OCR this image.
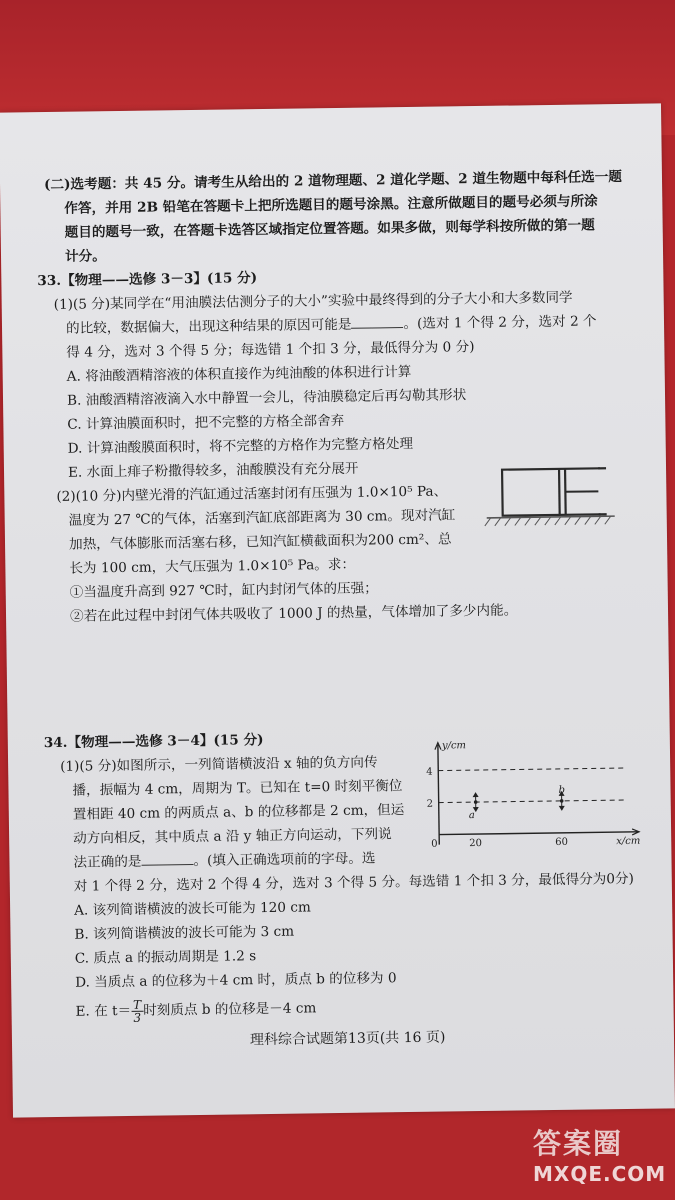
(二)选考题：共 45 分。请考生从给出的 2 道物理题、2 道化学题、2 道生物题中每科任选一题
作答，并用 2B 铅笔在答题卡上把所选题目的题号涂黑。注意所做题目的题号必须与所涂
题目的题号一致，在答题卡选答区域指定位置答题。如果多做，则每学科按所做的第一题
计分。
33.【物理——选修 3－3】(15 分)
(1)(5 分)某同学在“用油膜法估测分子的大小”实验中最终得到的分子大小和大多数同学
的比较，数据偏大，出现这种结果的原因可能是	。(选对 1 个得 2 分，选对 2 个
得 4 分，选对 3 个得 5 分；每选错 1 个扣 3 分，最低得分为 0 分)
A. 将油酸酒精溶液的体积直接作为纯油酸的体积进行计算
B. 油酸酒精溶液滴入水中静置一会儿，待油膜稳定后再勾勒其形状
C. 计算油膜面积时，把不完整的方格全部舍弃
D. 计算油酸膜面积时，将不完整的方格作为完整方格处理
E. 水面上痱子粉撒得较多，油酸膜没有充分展开
(2)(10 分)内壁光滑的汽缸通过活塞封闭有压强为 1.0×10⁵ Pa、
温度为 27 ℃的气体，活塞到汽缸底部距离为 30 cm。现对汽缸
加热，气体膨胀而活塞右移，已知汽缸横截面积为200 cm²、总
长为 100 cm，大气压强为 1.0×10⁵ Pa。求：
①当温度升高到 927 ℃时，缸内封闭气体的压强；
②若在此过程中封闭气体共吸收了 1000 J 的热量，气体增加了多少内能。
34.【物理——选修 3－4】(15 分)
(1)(5 分)如图所示，一列简谐横波沿 x 轴的负方向传
播，振幅为 4 cm，周期为 T。已知在 t=0 时刻平衡位
置相距 40 cm 的两质点 a、b 的位移都是 2 cm，但运
动方向相反，其中质点 a 沿 y 轴正方向运动，下列说
法正确的是	。(填入正确选项前的字母。选
对 1 个得 2 分，选对 2 个得 4 分，选对 3 个得 5 分。每选错 1 个扣 3 分，最低得分为0分)
A. 该列简谐横波的波长可能为 120 cm
B. 该列简谐横波的波长可能为 3 cm
C. 质点 a 的振动周期是 1.2 s
D. 当质点 a 的位移为＋4 cm 时，质点 b 的位移为 0
E. 在 $t= \frac{T}{3}$ 时刻质点 b 的位移是－4 cm
y/cm
4
2
0	20	60	x/cm
a
b
理科综合试题第13页(共 16 页)
答案圈
MXQE.COM
